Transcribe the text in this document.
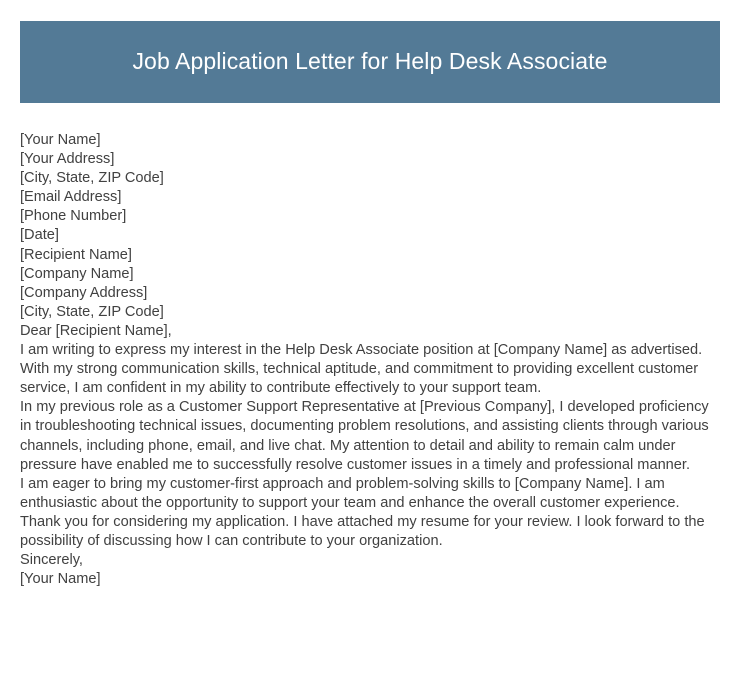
Job Application Letter for Help Desk Associate
[Your Name]
[Your Address]
[City, State, ZIP Code]
[Email Address]
[Phone Number]
[Date]
[Recipient Name]
[Company Name]
[Company Address]
[City, State, ZIP Code]
Dear [Recipient Name],

I am writing to express my interest in the Help Desk Associate position at [Company Name] as advertised. With my strong communication skills, technical aptitude, and commitment to providing excellent customer service, I am confident in my ability to contribute effectively to your support team.

In my previous role as a Customer Support Representative at [Previous Company], I developed proficiency in troubleshooting technical issues, documenting problem resolutions, and assisting clients through various channels, including phone, email, and live chat. My attention to detail and ability to remain calm under pressure have enabled me to successfully resolve customer issues in a timely and professional manner.

I am eager to bring my customer-first approach and problem-solving skills to [Company Name]. I am enthusiastic about the opportunity to support your team and enhance the overall customer experience.

Thank you for considering my application. I have attached my resume for your review. I look forward to the possibility of discussing how I can contribute to your organization.

Sincerely,
[Your Name]
